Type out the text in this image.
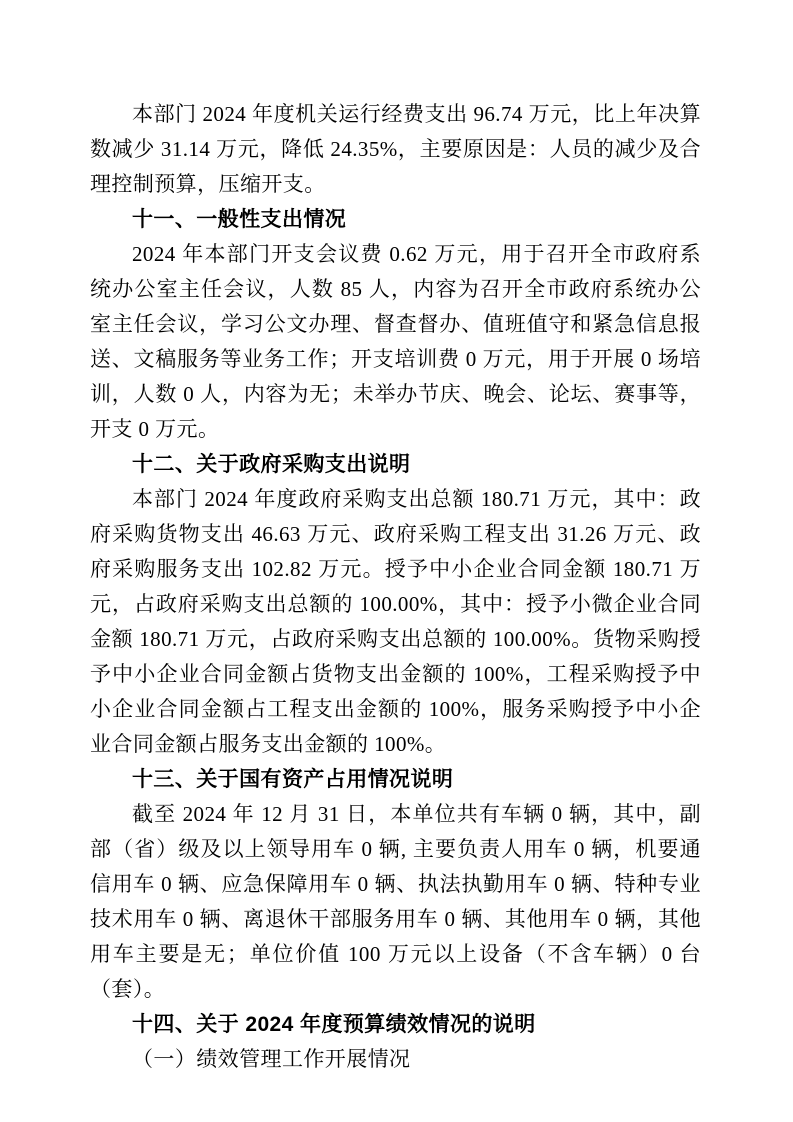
本部门 2024 年度机关运行经费支出 96.74 万元，比上年决算数减少 31.14 万元，降低 24.35%，主要原因是：人员的减少及合理控制预算，压缩开支。

十一、一般性支出情况

2024 年本部门开支会议费 0.62 万元，用于召开全市政府系统办公室主任会议，人数 85 人，内容为召开全市政府系统办公室主任会议，学习公文办理、督查督办、值班值守和紧急信息报送、文稿服务等业务工作；开支培训费 0 万元，用于开展 0 场培训，人数 0 人，内容为无；未举办节庆、晚会、论坛、赛事等，开支 0 万元。

十二、关于政府采购支出说明

本部门 2024 年度政府采购支出总额 180.71 万元，其中：政府采购货物支出 46.63 万元、政府采购工程支出 31.26 万元、政府采购服务支出 102.82 万元。授予中小企业合同金额 180.71 万元，占政府采购支出总额的 100.00%，其中：授予小微企业合同金额 180.71 万元，占政府采购支出总额的 100.00%。货物采购授予中小企业合同金额占货物支出金额的 100%，工程采购授予中小企业合同金额占工程支出金额的 100%，服务采购授予中小企业合同金额占服务支出金额的 100%。

十三、关于国有资产占用情况说明

截至 2024 年 12 月 31 日，本单位共有车辆 0 辆，其中，副部（省）级及以上领导用车 0 辆, 主要负责人用车 0 辆，机要通信用车 0 辆、应急保障用车 0 辆、执法执勤用车 0 辆、特种专业技术用车 0 辆、离退休干部服务用车 0 辆、其他用车 0 辆，其他用车主要是无；单位价值 100 万元以上设备（不含车辆）0 台（套）。

十四、关于 2024 年度预算绩效情况的说明

（一）绩效管理工作开展情况
